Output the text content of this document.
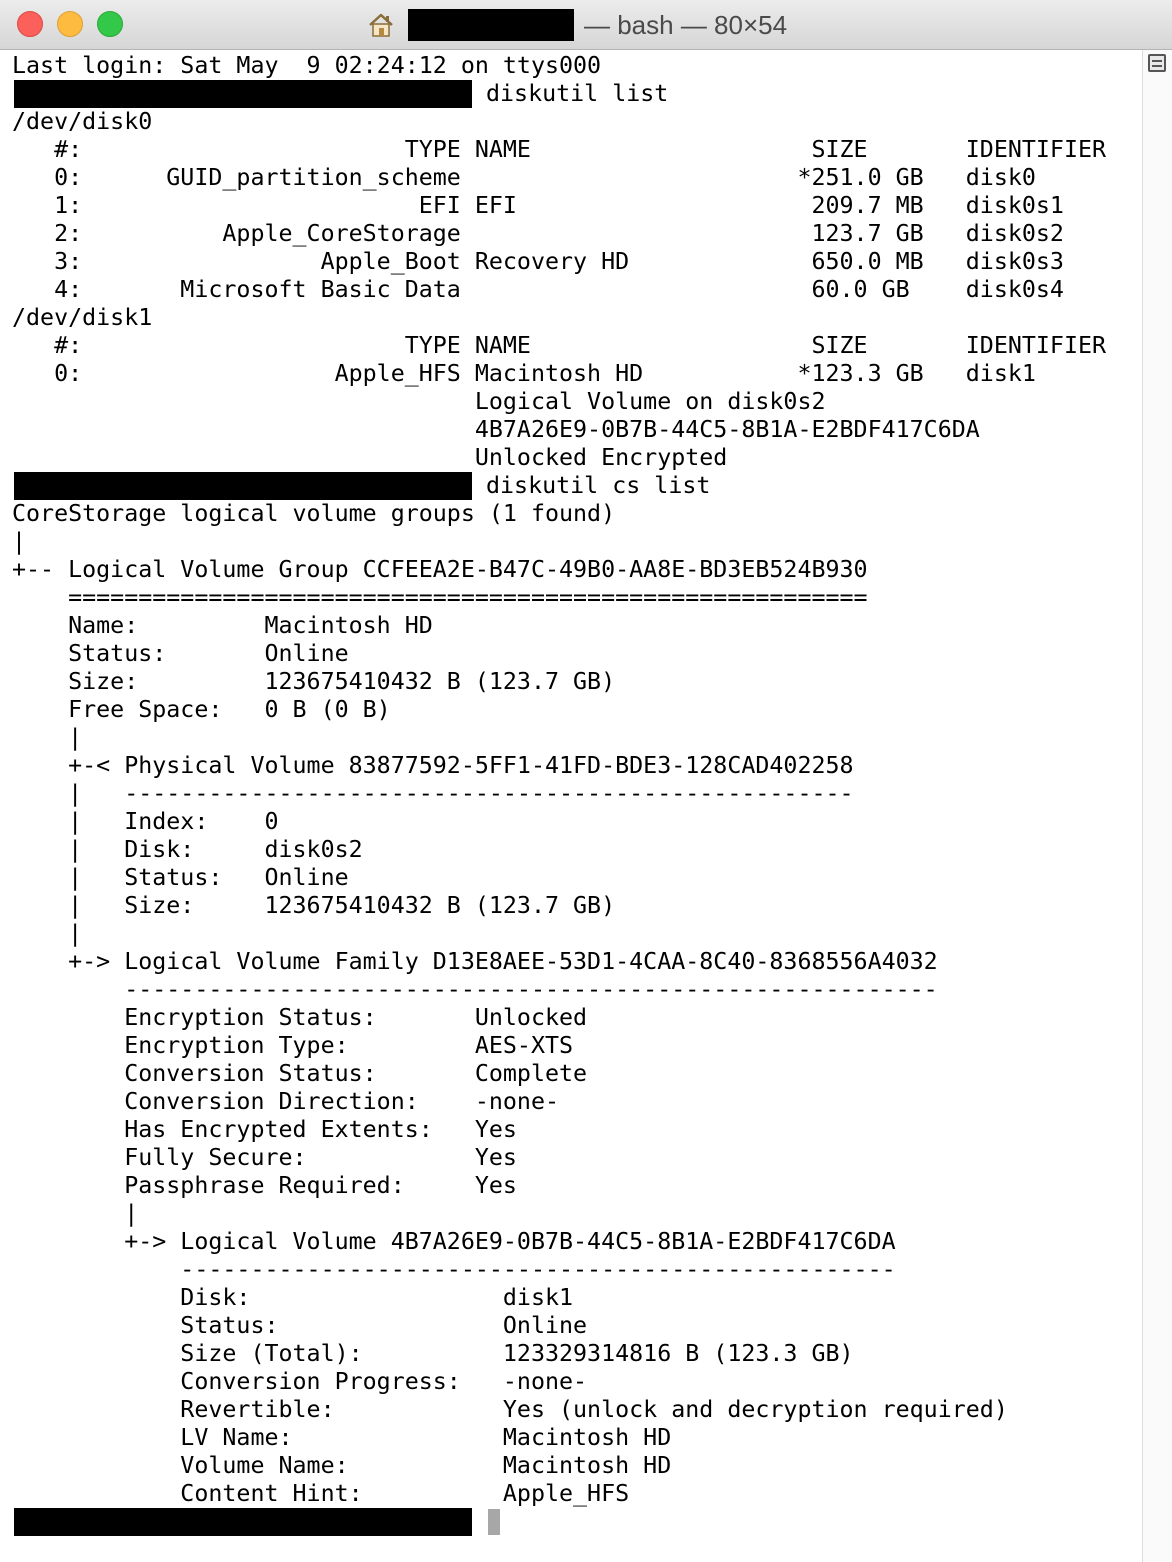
— bash — 80×54
Last login: Sat May  9 02:24:12 on ttys000
diskutil list
/dev/disk0
#:                       TYPE NAME                    SIZE       IDENTIFIER
0:      GUID_partition_scheme                        *251.0 GB   disk0
1:                        EFI EFI                     209.7 MB   disk0s1
2:          Apple_CoreStorage                         123.7 GB   disk0s2
3:                 Apple_Boot Recovery HD             650.0 MB   disk0s3
4:       Microsoft Basic Data                         60.0 GB    disk0s4
/dev/disk1
#:                       TYPE NAME                    SIZE       IDENTIFIER
0:                  Apple_HFS Macintosh HD           *123.3 GB   disk1
Logical Volume on disk0s2
4B7A26E9-0B7B-44C5-8B1A-E2BDF417C6DA
Unlocked Encrypted
diskutil cs list
CoreStorage logical volume groups (1 found)
|
+-- Logical Volume Group CCFEEA2E-B47C-49B0-AA8E-BD3EB524B930
=========================================================
Name:         Macintosh HD
Status:       Online
Size:         123675410432 B (123.7 GB)
Free Space:   0 B (0 B)
|
+-< Physical Volume 83877592-5FF1-41FD-BDE3-128CAD402258
|   ----------------------------------------------------
|   Index:    0
|   Disk:     disk0s2
|   Status:   Online
|   Size:     123675410432 B (123.7 GB)
|
+-> Logical Volume Family D13E8AEE-53D1-4CAA-8C40-8368556A4032
----------------------------------------------------------
Encryption Status:       Unlocked
Encryption Type:         AES-XTS
Conversion Status:       Complete
Conversion Direction:    -none-
Has Encrypted Extents:   Yes
Fully Secure:            Yes
Passphrase Required:     Yes
|
+-> Logical Volume 4B7A26E9-0B7B-44C5-8B1A-E2BDF417C6DA
---------------------------------------------------
Disk:                  disk1
Status:                Online
Size (Total):          123329314816 B (123.3 GB)
Conversion Progress:   -none-
Revertible:            Yes (unlock and decryption required)
LV Name:               Macintosh HD
Volume Name:           Macintosh HD
Content Hint:          Apple_HFS
